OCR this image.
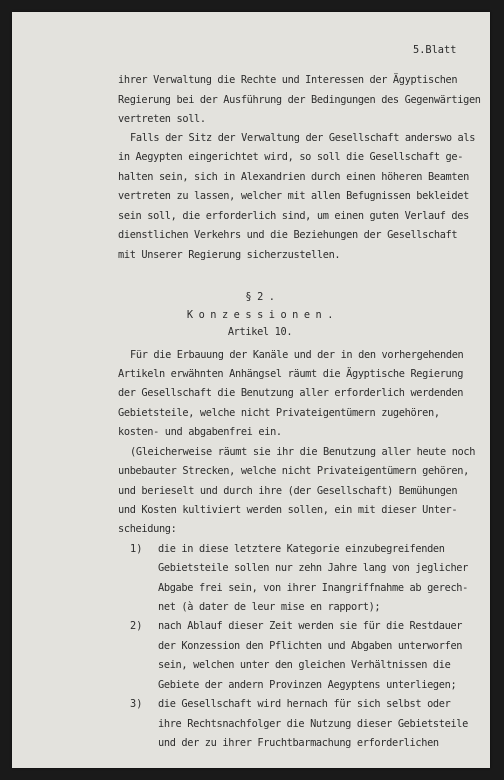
5.Blatt
ihrer Verwaltung die Rechte und Interessen der Ägyptischen
Regierung bei der Ausführung der Bedingungen des Gegenwärtigen
vertreten soll.
Falls der Sitz der Verwaltung der Gesellschaft anderswo als
in Aegypten eingerichtet wird, so soll die Gesellschaft ge-
halten sein, sich in Alexandrien durch einen höheren Beamten
vertreten zu lassen, welcher mit allen Befugnissen bekleidet
sein soll, die erforderlich sind, um einen guten Verlauf des
dienstlichen Verkehrs und die Beziehungen der Gesellschaft
mit Unserer Regierung sicherzustellen.
§ 2 .
K o n z e s s i o n e n .
Artikel 10.
Für die Erbauung der Kanäle und der in den vorhergehenden
Artikeln erwähnten Anhängsel räumt die Ägyptische Regierung
der Gesellschaft die Benutzung aller erforderlich werdenden
Gebietsteile, welche nicht Privateigentümern zugehören,
kosten- und abgabenfrei ein.
(Gleicherweise räumt sie ihr die Benutzung aller heute noch
unbebauter Strecken, welche nicht Privateigentümern gehören,
und berieselt und durch ihre (der Gesellschaft) Bemühungen
und Kosten kultiviert werden sollen, ein mit dieser Unter-
scheidung:
1) die in diese letztere Kategorie einzubegreifenden
Gebietsteile sollen nur zehn Jahre lang von jeglicher
Abgabe frei sein, von ihrer Inangriffnahme ab gerech-
net (à dater de leur mise en rapport);
2) nach Ablauf dieser Zeit werden sie für die Restdauer
der Konzession den Pflichten und Abgaben unterworfen
sein, welchen unter den gleichen Verhältnissen die
Gebiete der andern Provinzen Aegyptens unterliegen;
3) die Gesellschaft wird hernach für sich selbst oder
ihre Rechtsnachfolger die Nutzung dieser Gebietsteile
und der zu ihrer Fruchtbarmachung erforderlichen
